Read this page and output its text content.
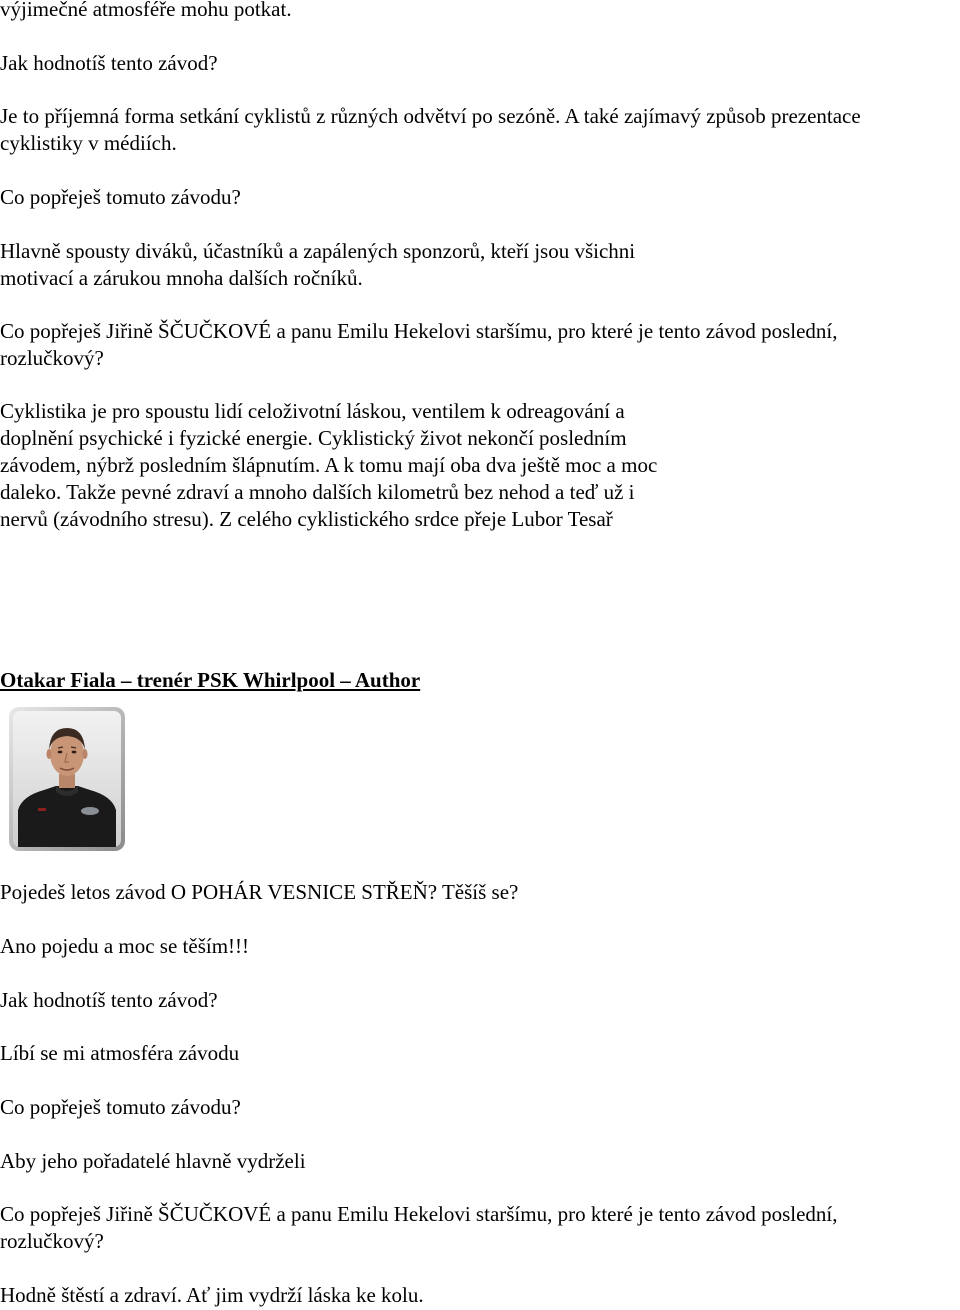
výjimečné atmosféře mohu potkat.

Jak hodnotíš tento závod?

Je to příjemná forma setkání cyklistů z různých odvětví po sezóně. A také zajímavý způsob prezentace
cyklistiky v médiích.

Co popřeješ tomuto závodu?

Hlavně spousty diváků, účastníků a zapálených sponzorů, kteří jsou všichni
motivací a zárukou mnoha dalších ročníků.

Co popřeješ Jiřině ŠČUČKOVÉ a panu Emilu Hekelovi staršímu, pro které je tento závod poslední,
rozlučkový?

Cyklistika je pro spoustu lidí celoživotní láskou, ventilem k odreagování a
doplnění psychické i fyzické energie. Cyklistický život nekončí posledním
závodem, nýbrž posledním šlápnutím. A k tomu mají oba dva ještě moc a moc
daleko. Takže pevné zdraví a mnoho dalších kilometrů bez nehod a teď už i
nervů (závodního stresu). Z celého cyklistického srdce přeje Lubor Tesař

Otakar Fiala – trenér PSK Whirlpool – Author

Pojedeš letos závod O POHÁR VESNICE STŘEŇ? Těšíš se?

Ano pojedu a moc se těším!!!

Jak hodnotíš tento závod?

Líbí se mi atmosféra závodu

Co popřeješ tomuto závodu?

Aby jeho pořadatelé hlavně vydrželi

Co popřeješ Jiřině ŠČUČKOVÉ a panu Emilu Hekelovi staršímu, pro které je tento závod poslední,
rozlučkový?

Hodně štěstí a zdraví. Ať jim vydrží láska ke kolu.
